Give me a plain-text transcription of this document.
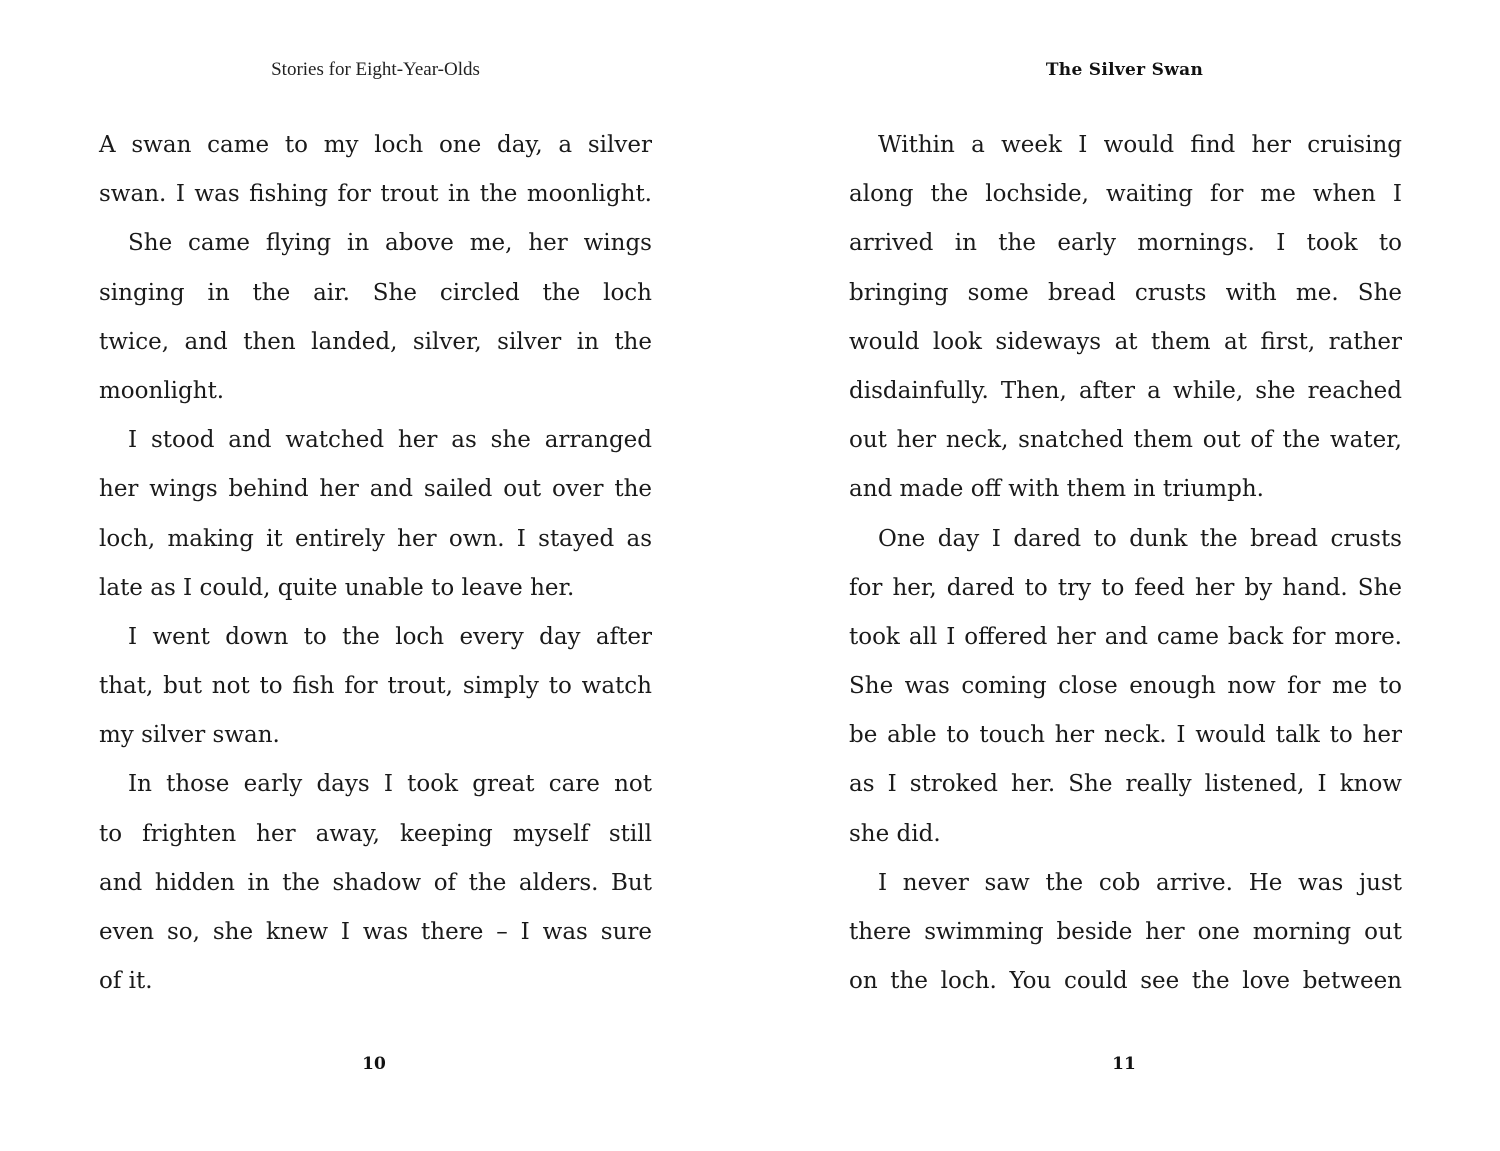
Stories for Eight-Year-Olds
A swan came to my loch one day, a silver
swan. I was fishing for trout in the moonlight.
She came flying in above me, her wings
singing in the air. She circled the loch
twice, and then landed, silver, silver in the
moonlight.
I stood and watched her as she arranged
her wings behind her and sailed out over the
loch, making it entirely her own. I stayed as
late as I could, quite unable to leave her.
I went down to the loch every day after
that, but not to fish for trout, simply to watch
my silver swan.
In those early days I took great care not
to frighten her away, keeping myself still
and hidden in the shadow of the alders. But
even so, she knew I was there – I was sure
of it.
10
The Silver Swan
Within a week I would find her cruising
along the lochside, waiting for me when I
arrived in the early mornings. I took to
bringing some bread crusts with me. She
would look sideways at them at first, rather
disdainfully. Then, after a while, she reached
out her neck, snatched them out of the water,
and made off with them in triumph.
One day I dared to dunk the bread crusts
for her, dared to try to feed her by hand. She
took all I offered her and came back for more.
She was coming close enough now for me to
be able to touch her neck. I would talk to her
as I stroked her. She really listened, I know
she did.
I never saw the cob arrive. He was just
there swimming beside her one morning out
on the loch. You could see the love between
11
